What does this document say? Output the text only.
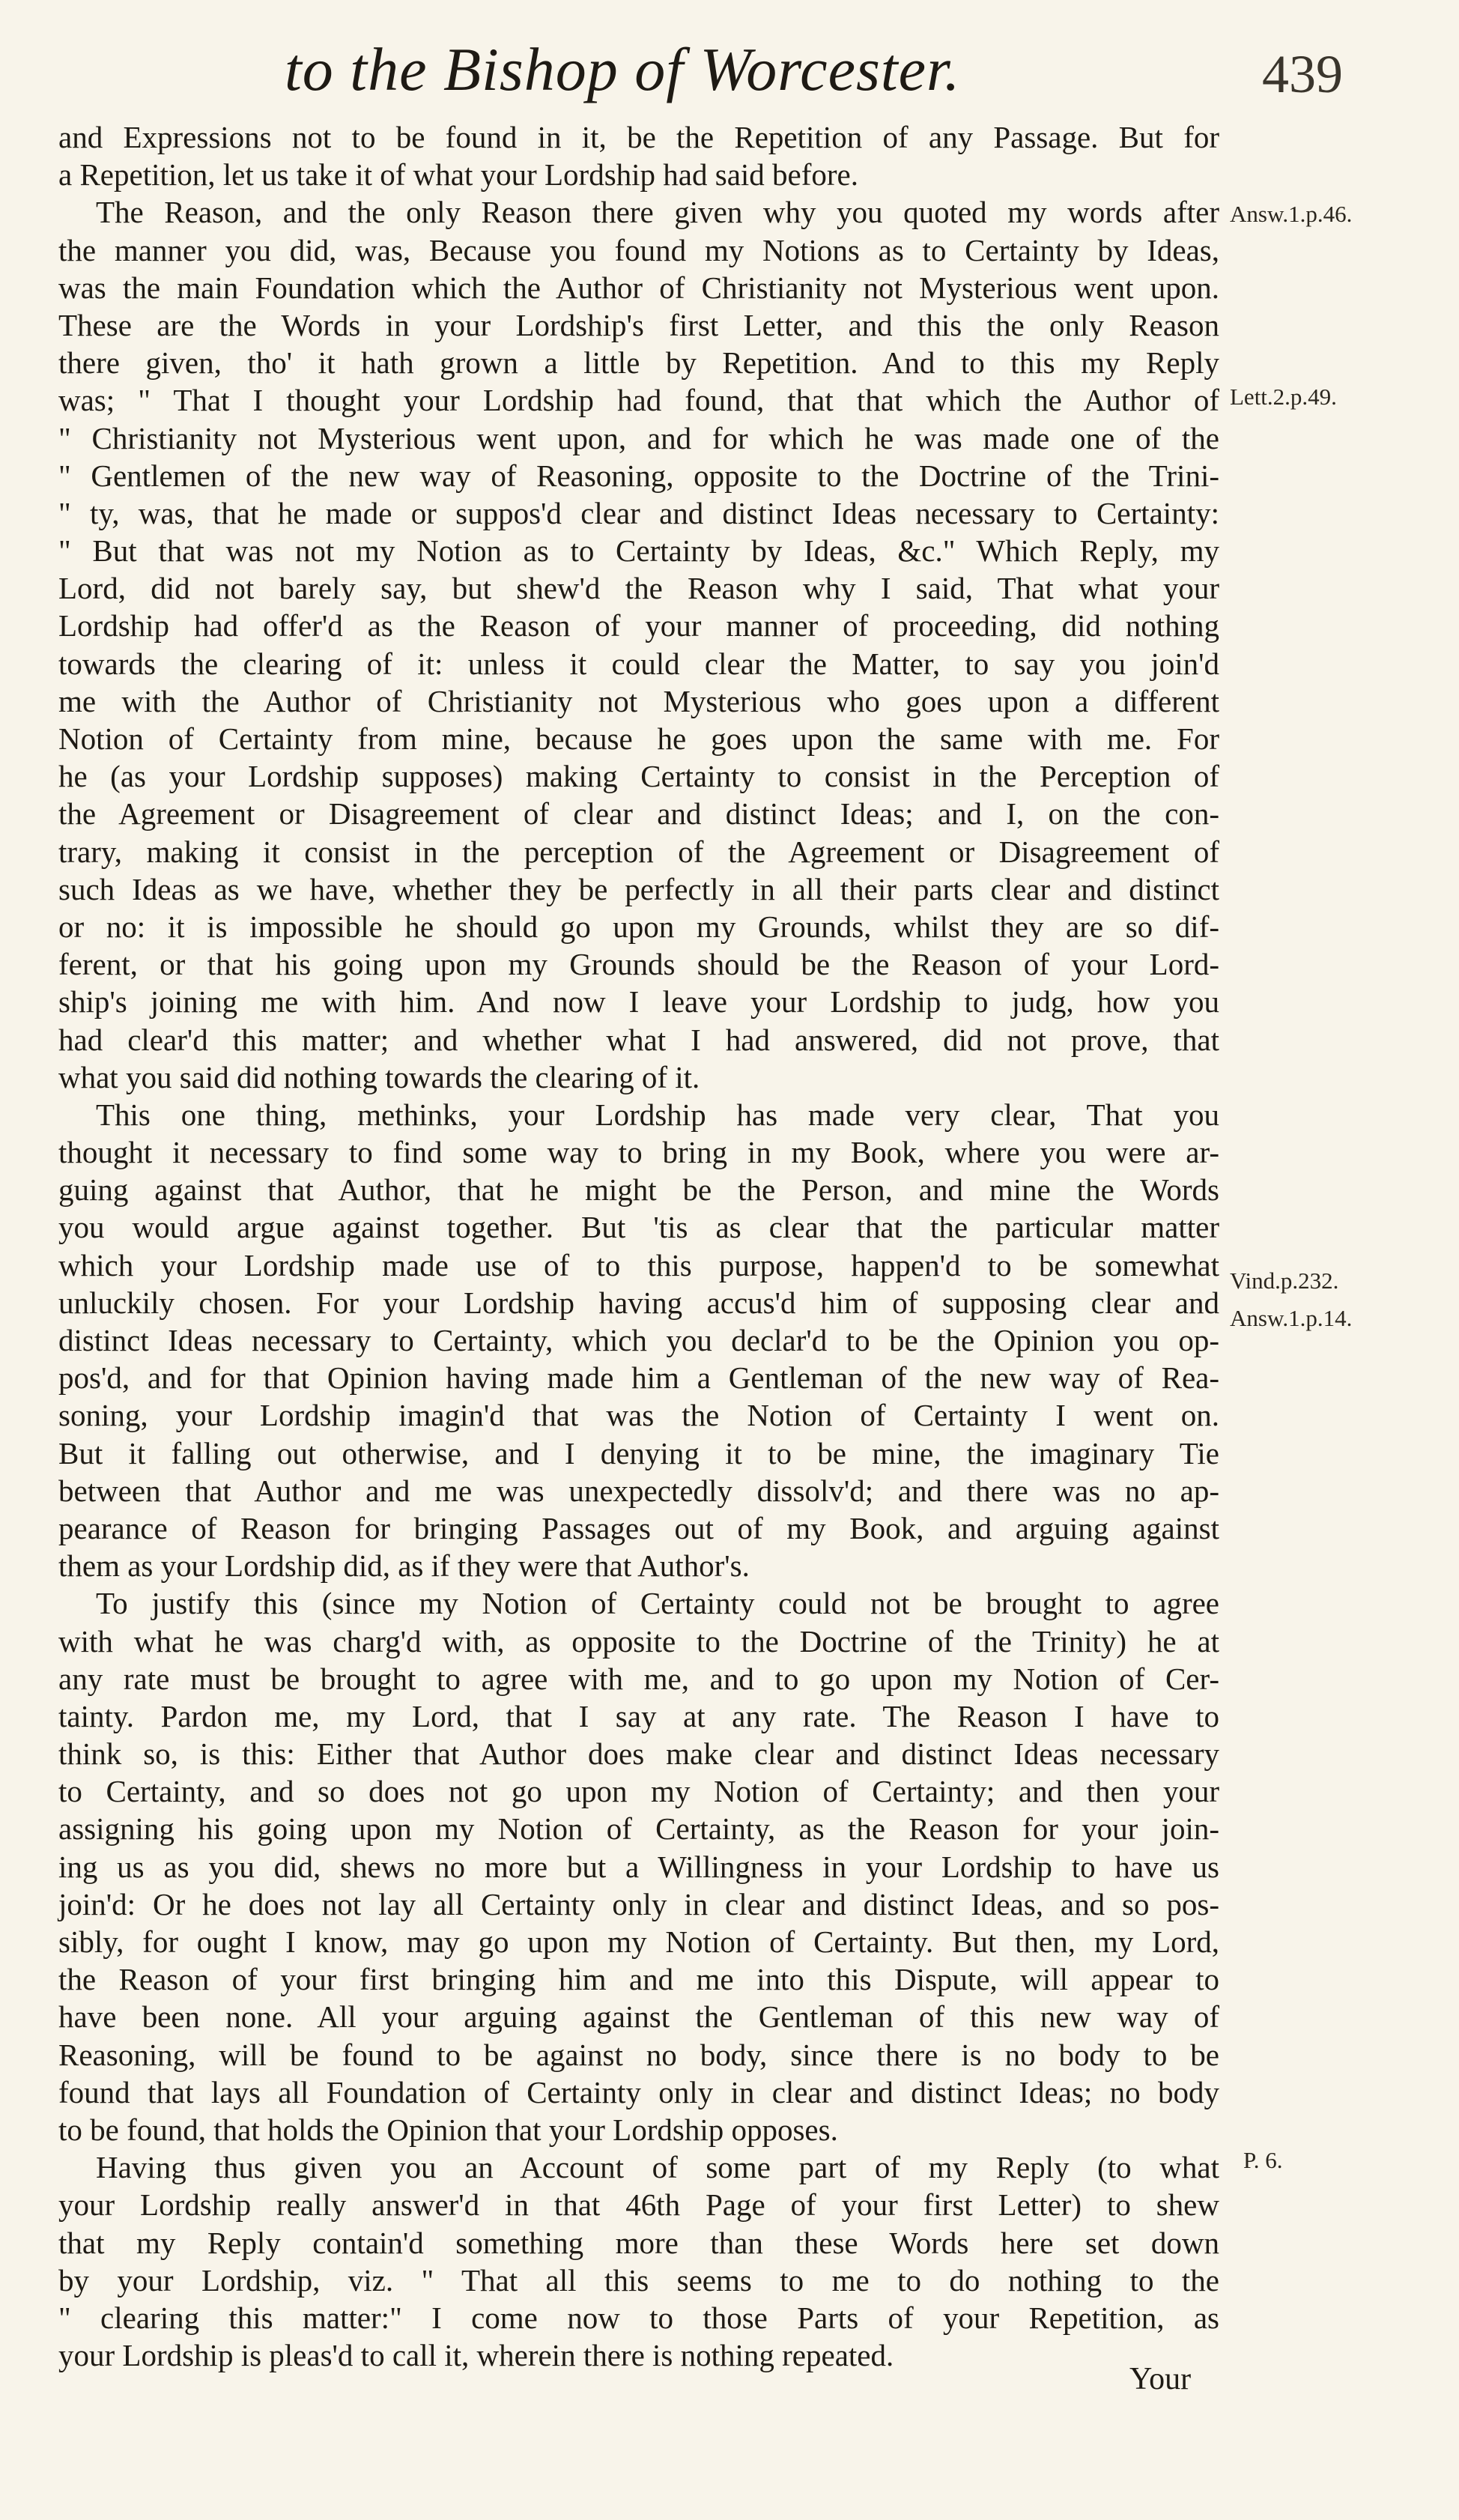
to the Bishop of Worcester.	439
and Expressions not to be found in it, be the Repetition of any Passage. But for
a Repetition, let us take it of what your Lordship had said before.
The Reason, and the only Reason there given why you quoted my words after
the manner you did, was, Because you found my Notions as to Certainty by Ideas,
was the main Foundation which the Author of Christianity not Mysterious went upon.
These are the Words in your Lordship's first Letter, and this the only Reason
there given, tho' it hath grown a little by Repetition. And to this my Reply
was; " That I thought your Lordship had found, that that which the Author of
" Christianity not Mysterious went upon, and for which he was made one of the
" Gentlemen of the new way of Reasoning, opposite to the Doctrine of the Trini-
" ty, was, that he made or suppos'd clear and distinct Ideas necessary to Certainty:
" But that was not my Notion as to Certainty by Ideas, &c." Which Reply, my
Lord, did not barely say, but shew'd the Reason why I said, That what your
Lordship had offer'd as the Reason of your manner of proceeding, did nothing
towards the clearing of it: unless it could clear the Matter, to say you join'd
me with the Author of Christianity not Mysterious who goes upon a different
Notion of Certainty from mine, because he goes upon the same with me. For
he (as your Lordship supposes) making Certainty to consist in the Perception of
the Agreement or Disagreement of clear and distinct Ideas; and I, on the con-
trary, making it consist in the perception of the Agreement or Disagreement of
such Ideas as we have, whether they be perfectly in all their parts clear and distinct
or no: it is impossible he should go upon my Grounds, whilst they are so dif-
ferent, or that his going upon my Grounds should be the Reason of your Lord-
ship's joining me with him. And now I leave your Lordship to judg, how you
had clear'd this matter; and whether what I had answered, did not prove, that
what you said did nothing towards the clearing of it.
This one thing, methinks, your Lordship has made very clear, That you
thought it necessary to find some way to bring in my Book, where you were ar-
guing against that Author, that he might be the Person, and mine the Words
you would argue against together. But 'tis as clear that the particular matter
which your Lordship made use of to this purpose, happen'd to be somewhat
unluckily chosen. For your Lordship having accus'd him of supposing clear and
distinct Ideas necessary to Certainty, which you declar'd to be the Opinion you op-
pos'd, and for that Opinion having made him a Gentleman of the new way of Rea-
soning, your Lordship imagin'd that was the Notion of Certainty I went on.
But it falling out otherwise, and I denying it to be mine, the imaginary Tie
between that Author and me was unexpectedly dissolv'd; and there was no ap-
pearance of Reason for bringing Passages out of my Book, and arguing against
them as your Lordship did, as if they were that Author's.
To justify this (since my Notion of Certainty could not be brought to agree
with what he was charg'd with, as opposite to the Doctrine of the Trinity) he at
any rate must be brought to agree with me, and to go upon my Notion of Cer-
tainty. Pardon me, my Lord, that I say at any rate. The Reason I have to
think so, is this: Either that Author does make clear and distinct Ideas necessary
to Certainty, and so does not go upon my Notion of Certainty; and then your
assigning his going upon my Notion of Certainty, as the Reason for your join-
ing us as you did, shews no more but a Willingness in your Lordship to have us
join'd: Or he does not lay all Certainty only in clear and distinct Ideas, and so pos-
sibly, for ought I know, may go upon my Notion of Certainty. But then, my Lord,
the Reason of your first bringing him and me into this Dispute, will appear to
have been none. All your arguing against the Gentleman of this new way of
Reasoning, will be found to be against no body, since there is no body to be
found that lays all Foundation of Certainty only in clear and distinct Ideas; no body
to be found, that holds the Opinion that your Lordship opposes.
Having thus given you an Account of some part of my Reply (to what
your Lordship really answer'd in that 46th Page of your first Letter) to shew
that my Reply contain'd something more than these Words here set down
by your Lordship, viz. " That all this seems to me to do nothing to the
" clearing this matter:" I come now to those Parts of your Repetition, as
your Lordship is pleas'd to call it, wherein there is nothing repeated.
Answ.1.p.46.
Lett.2.p.49.
Vind.p.232.
Answ.1.p.14.
P. 6.
Your
